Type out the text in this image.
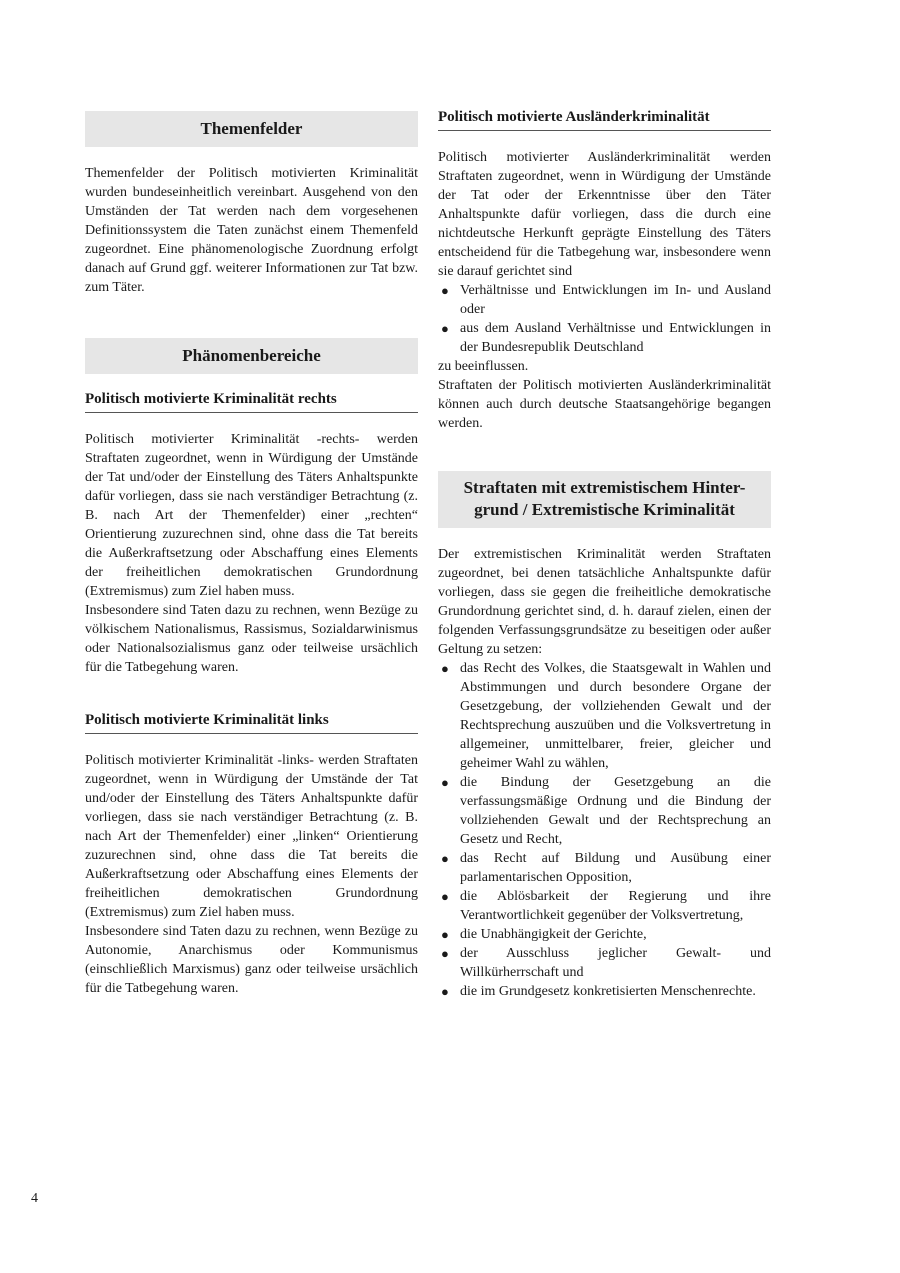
Themenfelder

Themenfelder der Politisch motivierten Kriminalität wurden bundeseinheitlich vereinbart. Ausgehend von den Umständen der Tat werden nach dem vorgesehenen Definitionssystem die Taten zunächst einem Themenfeld zugeordnet. Eine phänomenologische Zuordnung erfolgt danach auf Grund ggf. weiterer Informationen zur Tat bzw. zum Täter.

Phänomenbereiche
Politisch motivierte Kriminalität rechts

Politisch motivierter Kriminalität -rechts- werden Straftaten zugeordnet, wenn in Würdigung der Umstände der Tat und/oder der Einstellung des Täters Anhaltspunkte dafür vorliegen, dass sie nach verständiger Betrachtung (z. B. nach Art der Themenfelder) einer „rechten“ Orientierung zuzurechnen sind, ohne dass die Tat bereits die Außerkraftsetzung oder Abschaffung eines Elements der freiheitlichen demokratischen Grundordnung (Extremismus) zum Ziel haben muss.

Insbesondere sind Taten dazu zu rechnen, wenn Bezüge zu völkischem Nationalismus, Rassismus, Sozialdarwinismus oder Nationalsozialismus ganz oder teilweise ursächlich für die Tatbegehung waren.

Politisch motivierte Kriminalität links

Politisch motivierter Kriminalität -links- werden Straftaten zugeordnet, wenn in Würdigung der Umstände der Tat und/oder der Einstellung des Täters Anhaltspunkte dafür vorliegen, dass sie nach verständiger Betrachtung (z. B. nach Art der Themenfelder) einer „linken“ Orientierung zuzurechnen sind, ohne dass die Tat bereits die Außerkraftsetzung oder Abschaffung eines Elements der freiheitlichen demokratischen Grundordnung (Extremismus) zum Ziel haben muss.

Insbesondere sind Taten dazu zu rechnen, wenn Bezüge zu Autonomie, Anarchismus oder Kommunismus (einschließlich Marxismus) ganz oder teilweise ursächlich für die Tatbegehung waren.

Politisch motivierte Ausländerkriminalität

Politisch motivierter Ausländerkriminalität werden Straftaten zugeordnet, wenn in Würdigung der Umstände der Tat oder der Erkenntnisse über den Täter Anhaltspunkte dafür vorliegen, dass die durch eine nichtdeutsche Herkunft geprägte Einstellung des Täters entscheidend für die Tatbegehung war, insbesondere wenn sie darauf gerichtet sind

● Verhältnisse und Entwicklungen im In- und Ausland oder
● aus dem Ausland Verhältnisse und Entwicklungen in der Bundesrepublik Deutschland

zu beeinflussen.

Straftaten der Politisch motivierten Ausländerkriminalität können auch durch deutsche Staatsangehörige begangen werden.

Straftaten mit extremistischem Hinter-
grund / Extremistische Kriminalität

Der extremistischen Kriminalität werden Straftaten zugeordnet, bei denen tatsächliche Anhaltspunkte dafür vorliegen, dass sie gegen die freiheitliche demokratische Grundordnung gerichtet sind, d. h. darauf zielen, einen der folgenden Verfassungsgrundsätze zu beseitigen oder außer Geltung zu setzen:

● das Recht des Volkes, die Staatsgewalt in Wahlen und Abstimmungen und durch besondere Organe der Gesetzgebung, der vollziehenden Gewalt und der Rechtsprechung auszuüben und die Volksvertretung in allgemeiner, unmittelbarer, freier, gleicher und geheimer Wahl zu wählen,
● die Bindung der Gesetzgebung an die verfassungsmäßige Ordnung und die Bindung der vollziehenden Gewalt und der Rechtsprechung an Gesetz und Recht,
● das Recht auf Bildung und Ausübung einer parlamentarischen Opposition,
● die Ablösbarkeit der Regierung und ihre Verantwortlichkeit gegenüber der Volksvertretung,
● die Unabhängigkeit der Gerichte,
● der Ausschluss jeglicher Gewalt- und Willkürherrschaft und
● die im Grundgesetz konkretisierten Menschenrechte.
4
